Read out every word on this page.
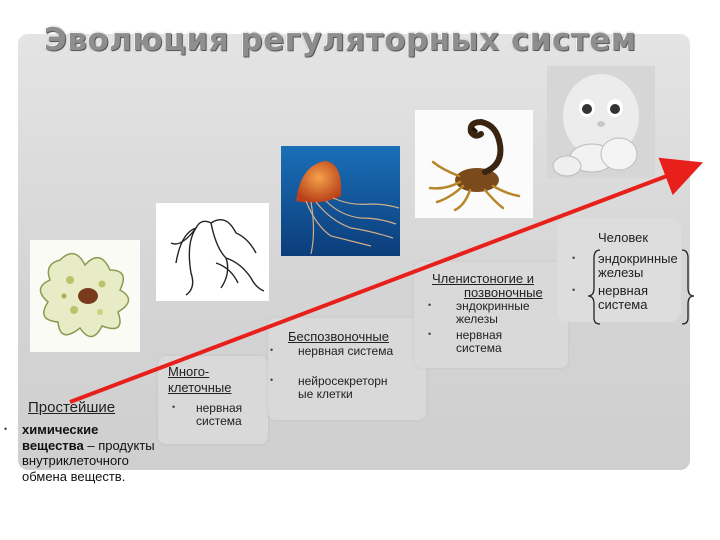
Эволюция регуляторных систем
Простейшие
• химические вещества – продукты внутриклеточного обмена веществ.
Много-
клеточные
• нервная система
Беспозвоночные
• нервная система
• нейросекреторные клетки
Членистоногие и
позвоночные
• эндокринные железы
• нервная система
Человек
• эндокринные железы
• нервная система
